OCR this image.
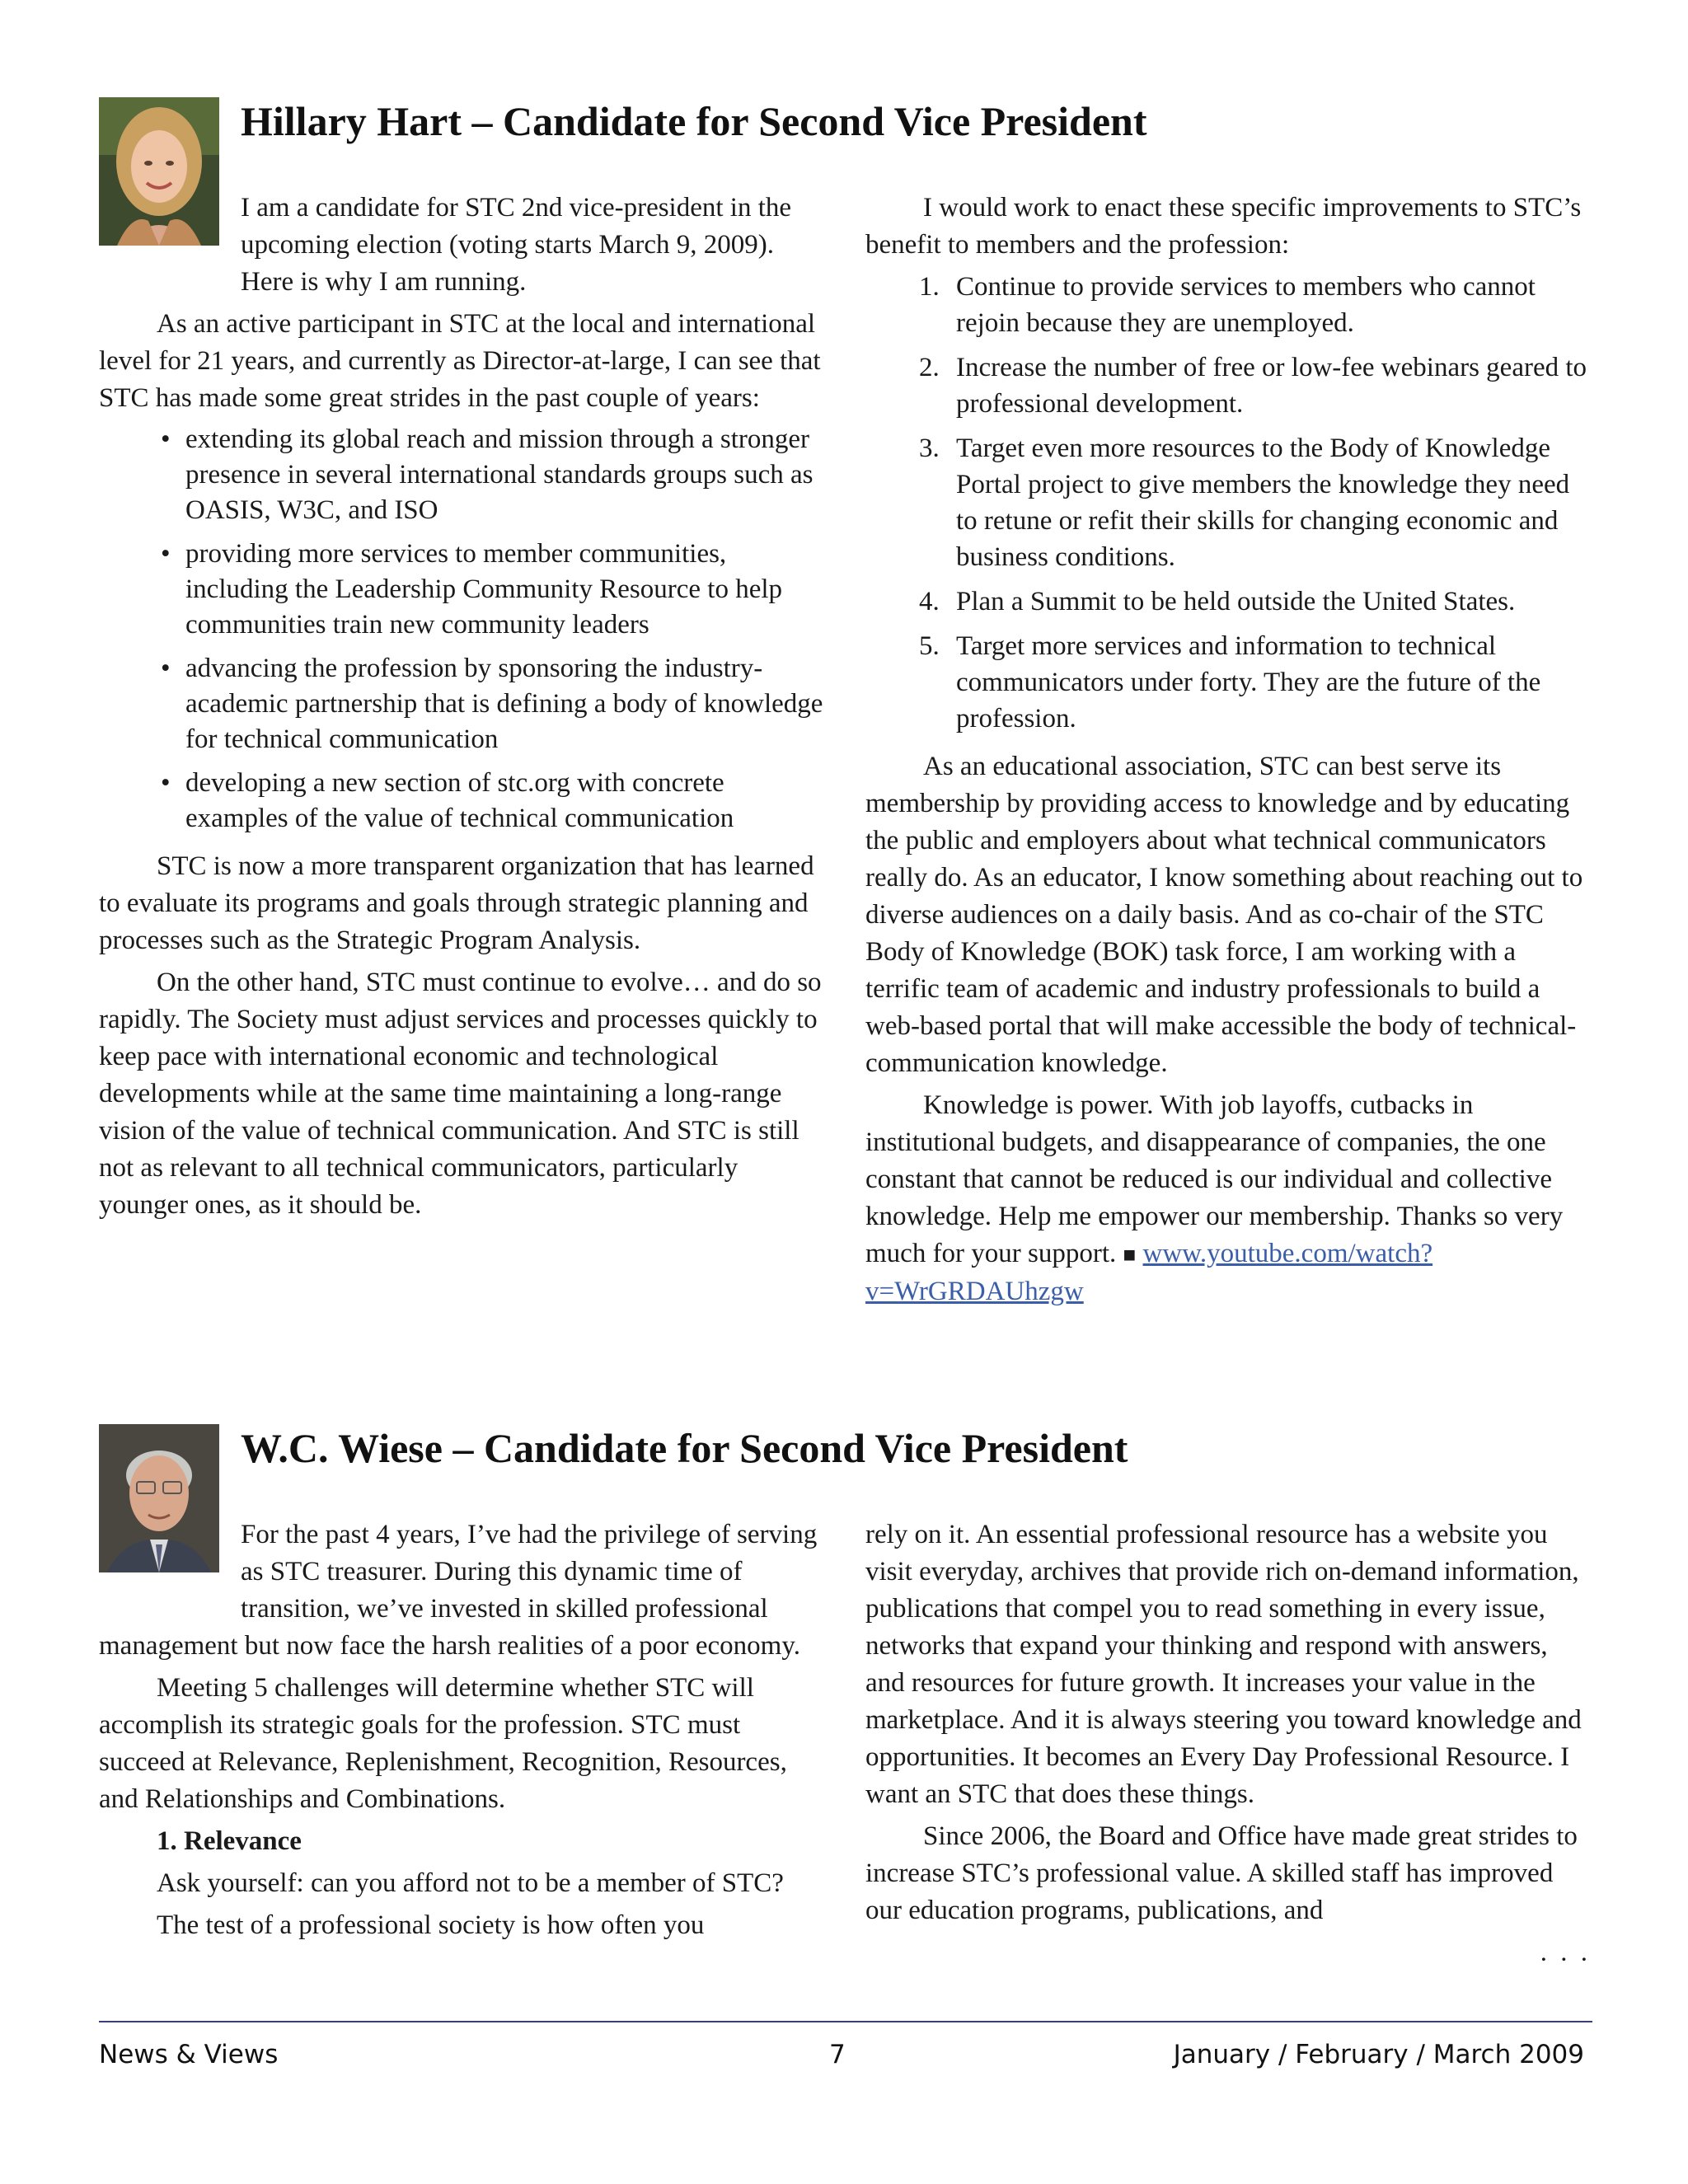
Hillary Hart – Candidate for Second Vice President

I am a candidate for STC 2nd vice-president in the upcoming election (voting starts March 9, 2009). Here is why I am running.

As an active participant in STC at the local and international level for 21 years, and currently as Director-at-large, I can see that STC has made some great strides in the past couple of years:

• extending its global reach and mission through a stronger presence in several international standards groups such as OASIS, W3C, and ISO
• providing more services to member communities, including the Leadership Community Resource to help communities train new community leaders
• advancing the profession by sponsoring the industry-academic partnership that is defining a body of knowledge for technical communication
• developing a new section of stc.org with concrete examples of the value of technical communication

STC is now a more transparent organization that has learned to evaluate its programs and goals through strategic planning and processes such as the Strategic Program Analysis.

On the other hand, STC must continue to evolve… and do so rapidly. The Society must adjust services and processes quickly to keep pace with international economic and technological developments while at the same time maintaining a long-range vision of the value of technical communication. And STC is still not as relevant to all technical communicators, particularly younger ones, as it should be.

I would work to enact these specific improvements to STC’s benefit to members and the profession:

1. Continue to provide services to members who cannot rejoin because they are unemployed.
2. Increase the number of free or low-fee webinars geared to professional development.
3. Target even more resources to the Body of Knowledge Portal project to give members the knowledge they need to retune or refit their skills for changing economic and business conditions.
4. Plan a Summit to be held outside the United States.
5. Target more services and information to technical communicators under forty. They are the future of the profession.

As an educational association, STC can best serve its membership by providing access to knowledge and by educating the public and employers about what technical communicators really do. As an educator, I know something about reaching out to diverse audiences on a daily basis. And as co-chair of the STC Body of Knowledge (BOK) task force, I am working with a terrific team of academic and industry professionals to build a web-based portal that will make accessible the body of technical-communication knowledge.

Knowledge is power. With job layoffs, cutbacks in institutional budgets, and disappearance of companies, the one constant that cannot be reduced is our individual and collective knowledge. Help me empower our membership. Thanks so very much for your support. ■ www.youtube.com/watch?v=WrGRDAUhzgw

W.C. Wiese – Candidate for Second Vice President

For the past 4 years, I’ve had the privilege of serving as STC treasurer. During this dynamic time of transition, we’ve invested in skilled professional management but now face the harsh realities of a poor economy.

Meeting 5 challenges will determine whether STC will accomplish its strategic goals for the profession. STC must succeed at Relevance, Replenishment, Recognition, Resources, and Relationships and Combinations.

1. Relevance

Ask yourself: can you afford not to be a member of STC?

The test of a professional society is how often you

rely on it. An essential professional resource has a website you visit everyday, archives that provide rich on-demand information, publications that compel you to read something in every issue, networks that expand your thinking and respond with answers, and resources for future growth. It increases your value in the marketplace. And it is always steering you toward knowledge and opportunities. It becomes an Every Day Professional Resource. I want an STC that does these things.

Since 2006, the Board and Office have made great strides to increase STC’s professional value. A skilled staff has improved our education programs, publications, and

. . .
News & Views	7	January / February / March 2009
